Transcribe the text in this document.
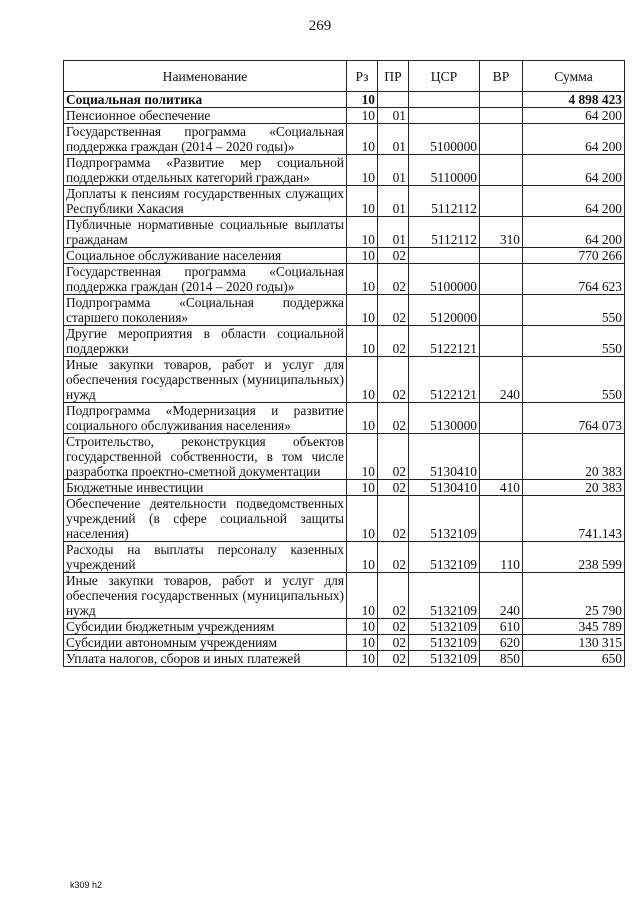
269
Наименование	Рз	ПР	ЦСР	ВР	Сумма
Социальная политика	10				4 898 423
Пенсионное обеспечение	10	01			64 200
Государственная программа «Социальная поддержка граждан (2014 – 2020 годы)»	10	01	5100000		64 200
Подпрограмма «Развитие мер социальной поддержки отдельных категорий граждан»	10	01	5110000		64 200
Доплаты к пенсиям государственных служащих Республики Хакасия	10	01	5112112		64 200
Публичные нормативные социальные выплаты гражданам	10	01	5112112	310	64 200
Социальное обслуживание населения	10	02			770 266
Государственная программа «Социальная поддержка граждан (2014 – 2020 годы)»	10	02	5100000		764 623
Подпрограмма «Социальная поддержка старшего поколения»	10	02	5120000		550
Другие мероприятия в области социальной поддержки	10	02	5122121		550
Иные закупки товаров, работ и услуг для обеспечения государственных (муниципальных) нужд	10	02	5122121	240	550
Подпрограмма «Модернизация и развитие социального обслуживания населения»	10	02	5130000		764 073
Строительство, реконструкция объектов государственной собственности, в том числе разработка проектно-сметной документации	10	02	5130410		20 383
Бюджетные инвестиции	10	02	5130410	410	20 383
Обеспечение деятельности подведомственных учреждений (в сфере социальной защиты населения)	10	02	5132109		741.143
Расходы на выплаты персоналу казенных учреждений	10	02	5132109	110	238 599
Иные закупки товаров, работ и услуг для обеспечения государственных (муниципальных) нужд	10	02	5132109	240	25 790
Субсидии бюджетным учреждениям	10	02	5132109	610	345 789
Субсидии автономным учреждениям	10	02	5132109	620	130 315
Уплата налогов, сборов и иных платежей	10	02	5132109	850	650
k309 h2
